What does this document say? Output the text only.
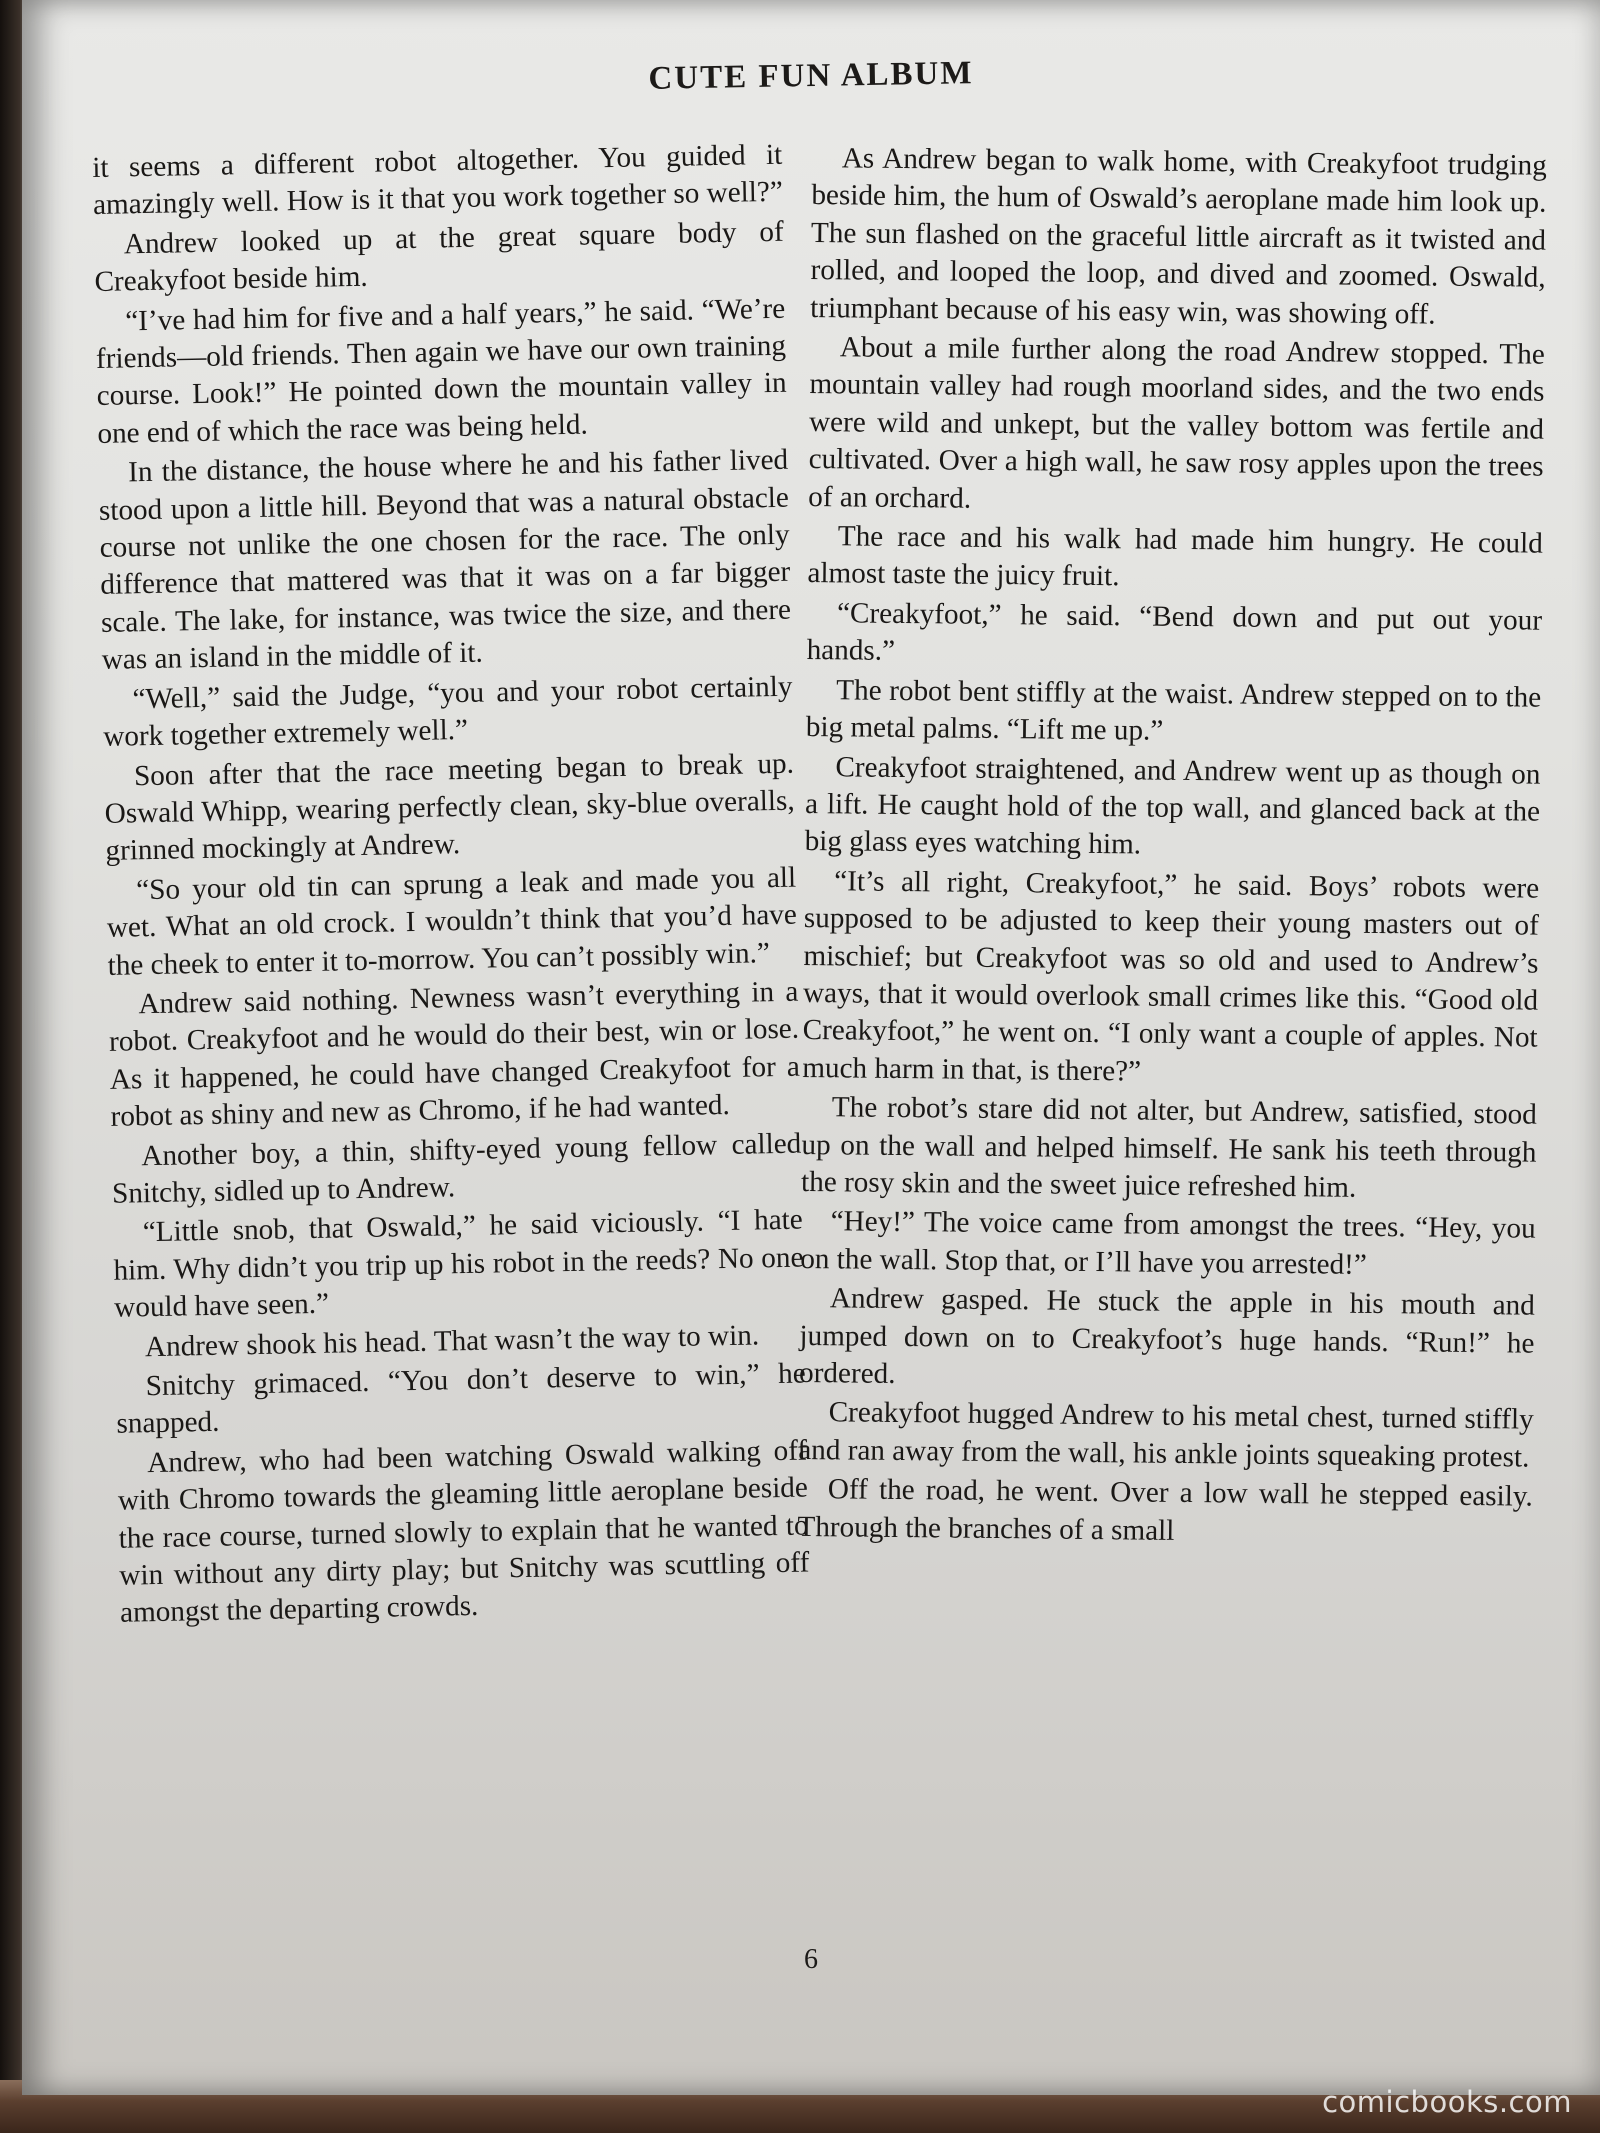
CUTE FUN ALBUM

it seems a different robot altogether. You guided it amazingly well. How is it that you work together so well?”

Andrew looked up at the great square body of Creakyfoot beside him.

“I’ve had him for five and a half years,” he said. “We’re friends—old friends. Then again we have our own training course. Look!” He pointed down the mountain valley in one end of which the race was being held.

In the distance, the house where he and his father lived stood upon a little hill. Beyond that was a natural obstacle course not unlike the one chosen for the race. The only difference that mattered was that it was on a far bigger scale. The lake, for instance, was twice the size, and there was an island in the middle of it.

“Well,” said the Judge, “you and your robot certainly work together extremely well.”

Soon after that the race meeting began to break up. Oswald Whipp, wearing perfectly clean, sky-blue overalls, grinned mockingly at Andrew.

“So your old tin can sprung a leak and made you all wet. What an old crock. I wouldn’t think that you’d have the cheek to enter it to-morrow. You can’t possibly win.”

Andrew said nothing. Newness wasn’t everything in a robot. Creakyfoot and he would do their best, win or lose. As it happened, he could have changed Creakyfoot for a robot as shiny and new as Chromo, if he had wanted.

Another boy, a thin, shifty-eyed young fellow called Snitchy, sidled up to Andrew.

“Little snob, that Oswald,” he said viciously. “I hate him. Why didn’t you trip up his robot in the reeds? No one would have seen.”

Andrew shook his head. That wasn’t the way to win.

Snitchy grimaced. “You don’t deserve to win,” he snapped.

Andrew, who had been watching Oswald walking off with Chromo towards the gleaming little aeroplane beside the race course, turned slowly to explain that he wanted to win without any dirty play; but Snitchy was scuttling off amongst the departing crowds.

As Andrew began to walk home, with Creakyfoot trudging beside him, the hum of Oswald’s aeroplane made him look up. The sun flashed on the graceful little aircraft as it twisted and rolled, and looped the loop, and dived and zoomed. Oswald, triumphant because of his easy win, was showing off.

About a mile further along the road Andrew stopped. The mountain valley had rough moorland sides, and the two ends were wild and unkept, but the valley bottom was fertile and cultivated. Over a high wall, he saw rosy apples upon the trees of an orchard.

The race and his walk had made him hungry. He could almost taste the juicy fruit.

“Creakyfoot,” he said. “Bend down and put out your hands.”

The robot bent stiffly at the waist. Andrew stepped on to the big metal palms. “Lift me up.”

Creakyfoot straightened, and Andrew went up as though on a lift. He caught hold of the top wall, and glanced back at the big glass eyes watching him.

“It’s all right, Creakyfoot,” he said. Boys’ robots were supposed to be adjusted to keep their young masters out of mischief; but Creakyfoot was so old and used to Andrew’s ways, that it would overlook small crimes like this. “Good old Creakyfoot,” he went on. “I only want a couple of apples. Not much harm in that, is there?”

The robot’s stare did not alter, but Andrew, satisfied, stood up on the wall and helped himself. He sank his teeth through the rosy skin and the sweet juice refreshed him.

“Hey!” The voice came from amongst the trees. “Hey, you on the wall. Stop that, or I’ll have you arrested!”

Andrew gasped. He stuck the apple in his mouth and jumped down on to Creakyfoot’s huge hands. “Run!” he ordered.

Creakyfoot hugged Andrew to his metal chest, turned stiffly and ran away from the wall, his ankle joints squeaking protest.

Off the road, he went. Over a low wall he stepped easily. Through the branches of a small

6
comicbooks.com
